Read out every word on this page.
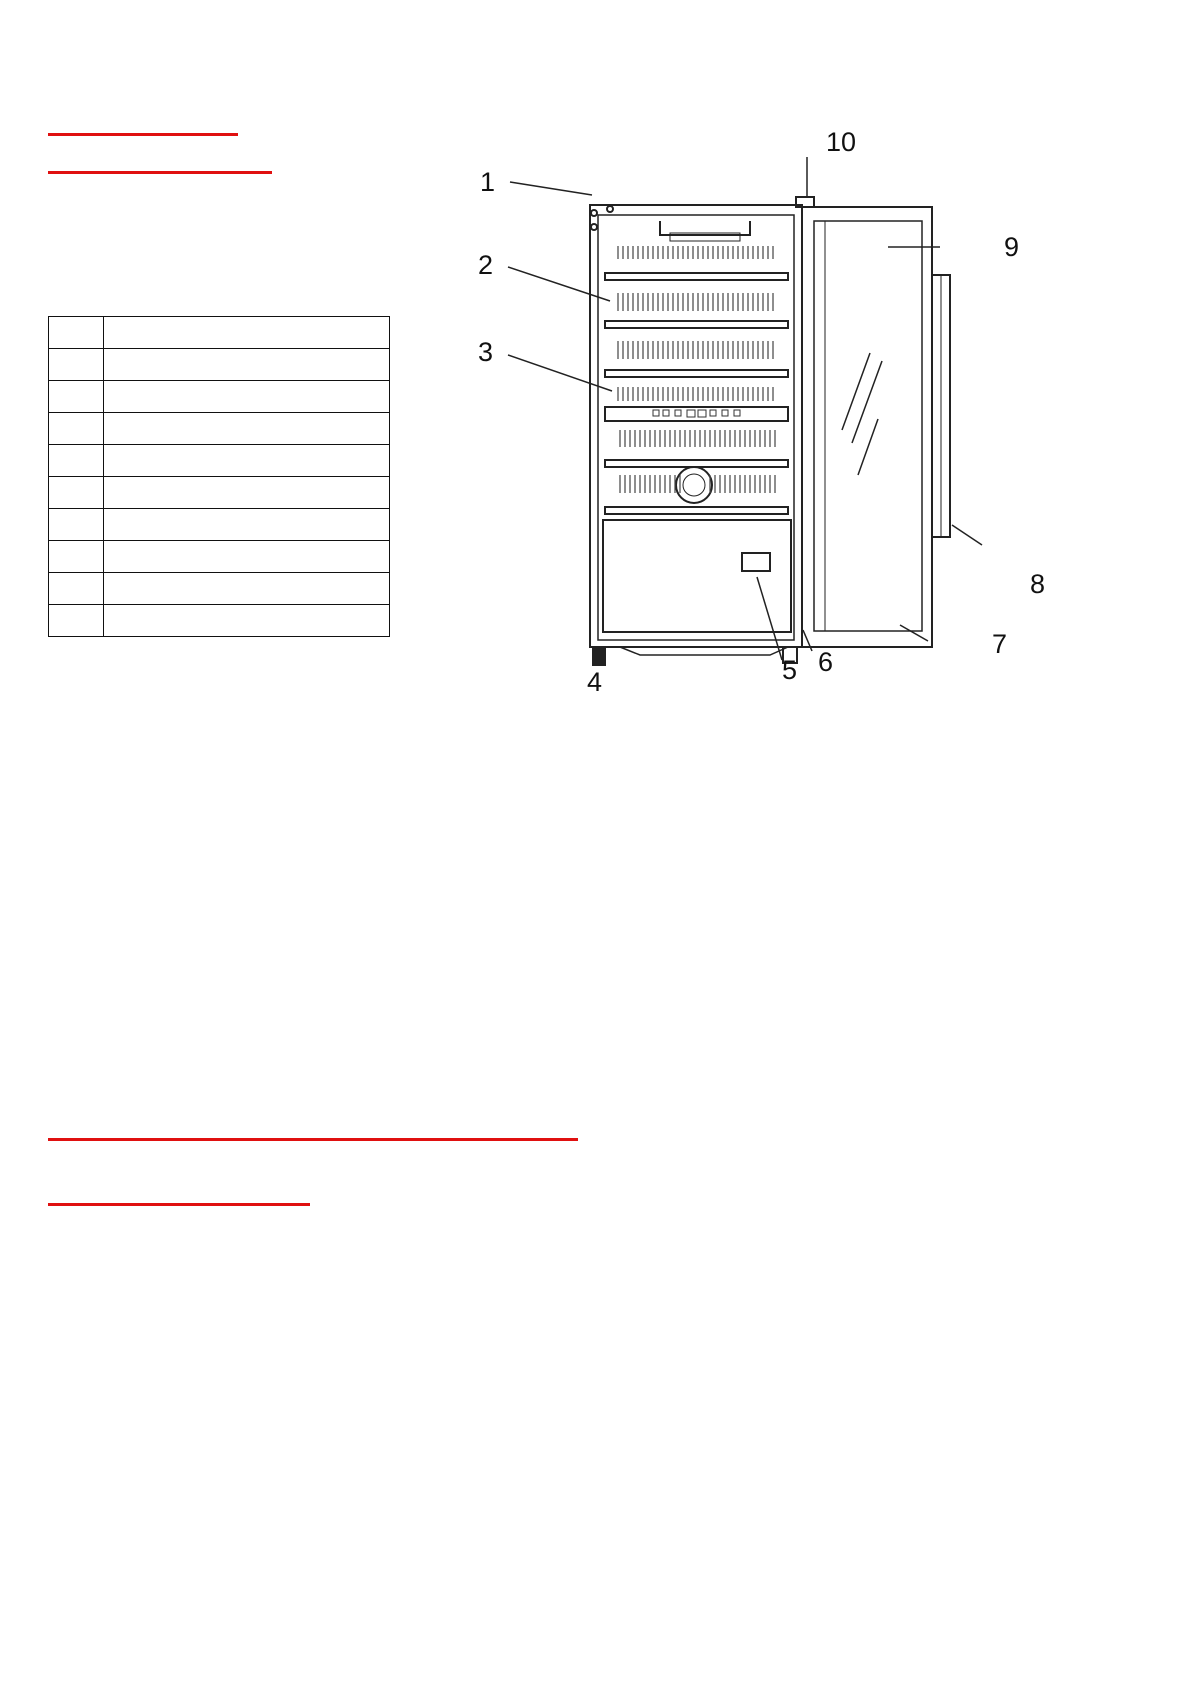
1
2
3
4	5 6
7
8
9
10
